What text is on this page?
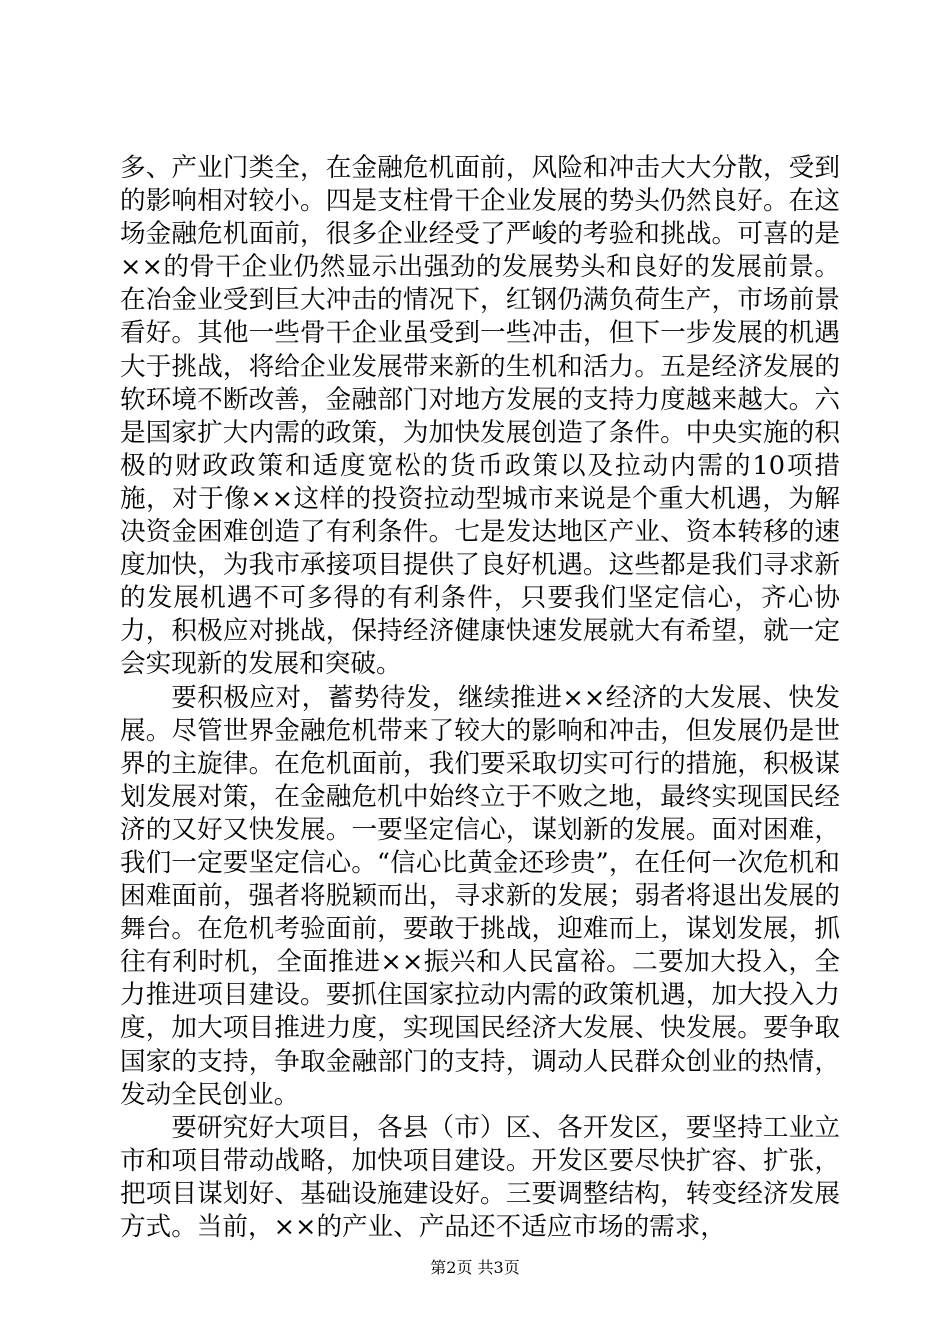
多、产业门类全，在金融危机面前，风险和冲击大大分散，受到的影响相对较小。四是支柱骨干企业发展的势头仍然良好。在这场金融危机面前，很多企业经受了严峻的考验和挑战。可喜的是××的骨干企业仍然显示出强劲的发展势头和良好的发展前景。在冶金业受到巨大冲击的情况下，红钢仍满负荷生产，市场前景看好。其他一些骨干企业虽受到一些冲击，但下一步发展的机遇大于挑战，将给企业发展带来新的生机和活力。五是经济发展的软环境不断改善，金融部门对地方发展的支持力度越来越大。六是国家扩大内需的政策，为加快发展创造了条件。中央实施的积极的财政政策和适度宽松的货币政策以及拉动内需的10项措施，对于像××这样的投资拉动型城市来说是个重大机遇，为解决资金困难创造了有利条件。七是发达地区产业、资本转移的速度加快，为我市承接项目提供了良好机遇。这些都是我们寻求新的发展机遇不可多得的有利条件，只要我们坚定信心，齐心协力，积极应对挑战，保持经济健康快速发展就大有希望，就一定会实现新的发展和突破。

要积极应对，蓄势待发，继续推进××经济的大发展、快发展。尽管世界金融危机带来了较大的影响和冲击，但发展仍是世界的主旋律。在危机面前，我们要采取切实可行的措施，积极谋划发展对策，在金融危机中始终立于不败之地，最终实现国民经济的又好又快发展。一要坚定信心，谋划新的发展。面对困难，我们一定要坚定信心。“信心比黄金还珍贵”，在任何一次危机和困难面前，强者将脱颖而出，寻求新的发展；弱者将退出发展的舞台。在危机考验面前，要敢于挑战，迎难而上，谋划发展，抓往有利时机，全面推进××振兴和人民富裕。二要加大投入，全力推进项目建设。要抓住国家拉动内需的政策机遇，加大投入力度，加大项目推进力度，实现国民经济大发展、快发展。要争取国家的支持，争取金融部门的支持，调动人民群众创业的热情，发动全民创业。

要研究好大项目，各县（市）区、各开发区，要坚持工业立市和项目带动战略，加快项目建设。开发区要尽快扩容、扩张，把项目谋划好、基础设施建设好。三要调整结构，转变经济发展方式。当前，××的产业、产品还不适应市场的需求，

第2页 共3页
